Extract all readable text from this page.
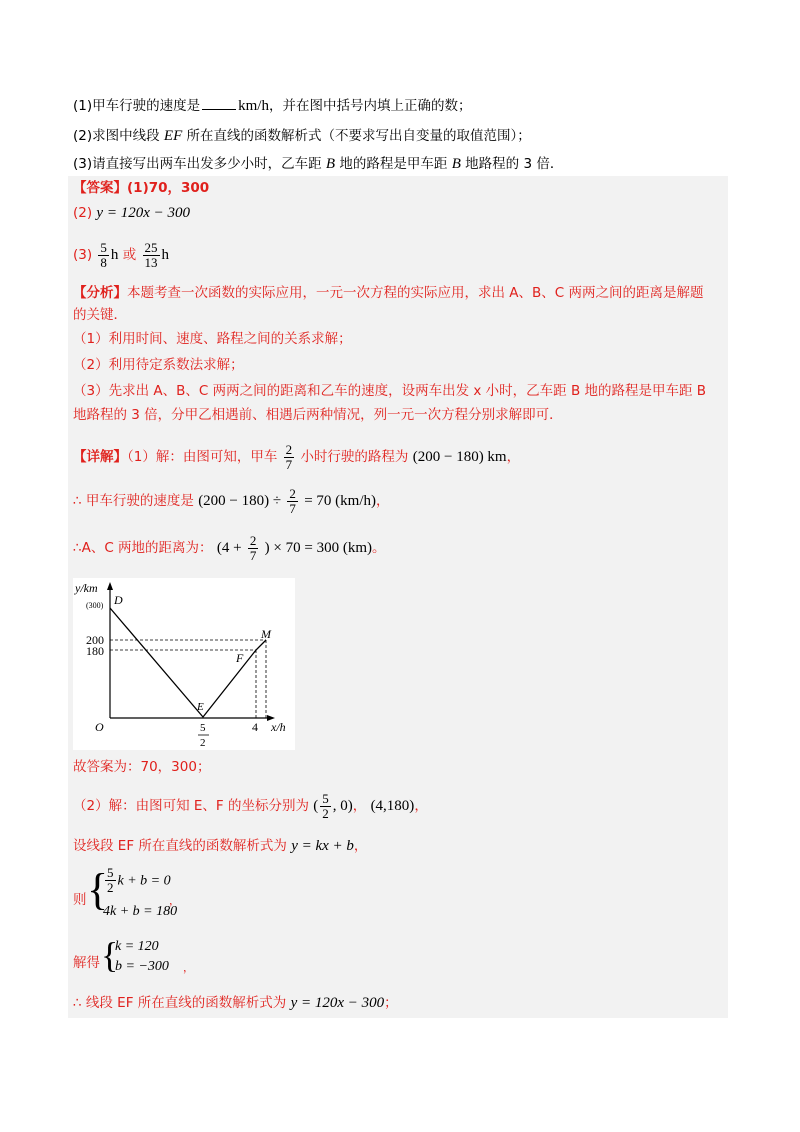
(1)甲车行驶的速度是	km/h，并在图中括号内填上正确的数；
(2)求图中线段 EF 所在直线的函数解析式（不要求写出自变量的取值范围）；
(3)请直接写出两车出发多少小时，乙车距 B 地的路程是甲车距 B 地路程的 3 倍．
【答案】(1)70，300
(2) y = 120x − 300
$(3) \frac{5}{8}$ h 或 $\frac{25}{13}$ h
【分析】本题考查一次函数的实际应用，一元一次方程的实际应用，求出 A、B、C 两两之间的距离是解题
的关键．
（1）利用时间、速度、路程之间的关系求解；
（2）利用待定系数法求解；
（3）先求出 A、B、C 两两之间的距离和乙车的速度，设两车出发 x 小时，乙车距 B 地的路程是甲车距 B
地路程的 3 倍，分甲乙相遇前、相遇后两种情况，列一元一次方程分别求解即可．
【详解】（1）解：由图可知，甲车 $\frac{2}{7}$ 小时行驶的路程为 (200 − 180) km，
∴ 甲车行驶的速度是 $(200 - 180) \div \frac{2}{7} = 70$ (km/h)，
∴A、C 两地的距离为： ($4 + \frac{2}{7}$ ) × 70 = 300 (km)。
y/km
(300) D
200
180
M
F
E
O	5
2
4 x/h
故答案为：70，300；
（2）解：由图可知 E、F 的坐标分别为 ( $\frac{5}{2}$ , 0)， (4,180)，
设线段 EF 所在直线的函数解析式为 y = kx + b，
则 {
$\frac{5}{2}$ k + b = 0
4k + b = 180
，
解得 {
k = 120
b = −300 ，
∴ 线段 EF 所在直线的函数解析式为 y = 120x − 300；
